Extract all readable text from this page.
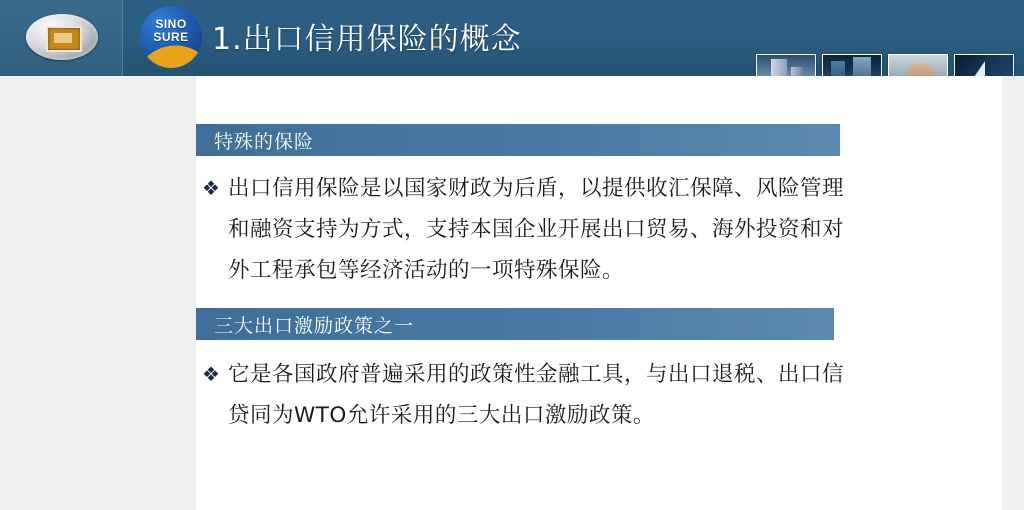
SINO
SURE 1.出口信用保险的概念
特殊的保险
❖ 出口信用保险是以国家财政为后盾，以提供收汇保障、风险管理和融资支持为方式，支持本国企业开展出口贸易、海外投资和对外工程承包等经济活动的一项特殊保险。
三大出口激励政策之一
❖ 它是各国政府普遍采用的政策性金融工具，与出口退税、出口信贷同为WTO允许采用的三大出口激励政策。
